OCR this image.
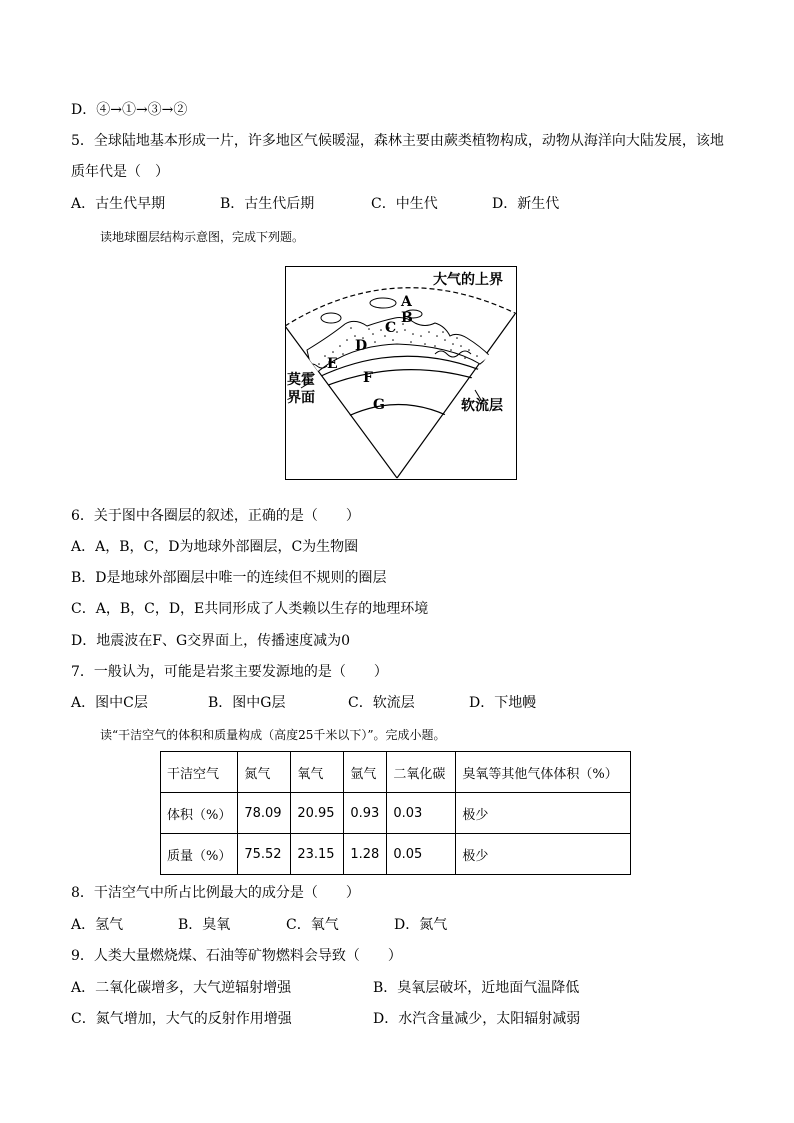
D．④→①→③→②
5．全球陆地基本形成一片，许多地区气候暖湿，森林主要由蕨类植物构成，动物从海洋向大陆发展，该地
质年代是（　）
A．古生代早期	B．古生代后期	C．中生代	D．新生代
读地球圈层结构示意图，完成下列题。
大气的上界
A
B
C
D
E
F
G
莫霍
界面	软流层
6．关于图中各圈层的叙述，正确的是（　　）
A．A，B，C，D为地球外部圈层，C为生物圈
B．D是地球外部圈层中唯一的连续但不规则的圈层
C．A，B，C，D，E共同形成了人类赖以生存的地理环境
D．地震波在F、G交界面上，传播速度减为0
7．一般认为，可能是岩浆主要发源地的是（　　）
A．图中C层	B．图中G层	C．软流层	D．下地幔
读“干洁空气的体积和质量构成（高度25千米以下）”。完成小题。
干洁空气	氮气	氧气	氩气	二氧化碳	臭氧等其他气体体积（%）
体积（%）	78.09	20.95	0.93	0.03	极少
质量（%）	75.52	23.15	1.28	0.05	极少
8．干洁空气中所占比例最大的成分是（　　）
A．氢气	B．臭氧	C．氧气	D．氮气
9．人类大量燃烧煤、石油等矿物燃料会导致（　　）
A．二氧化碳增多，大气逆辐射增强	B．臭氧层破坏，近地面气温降低
C．氮气增加，大气的反射作用增强	D．水汽含量减少，太阳辐射减弱
